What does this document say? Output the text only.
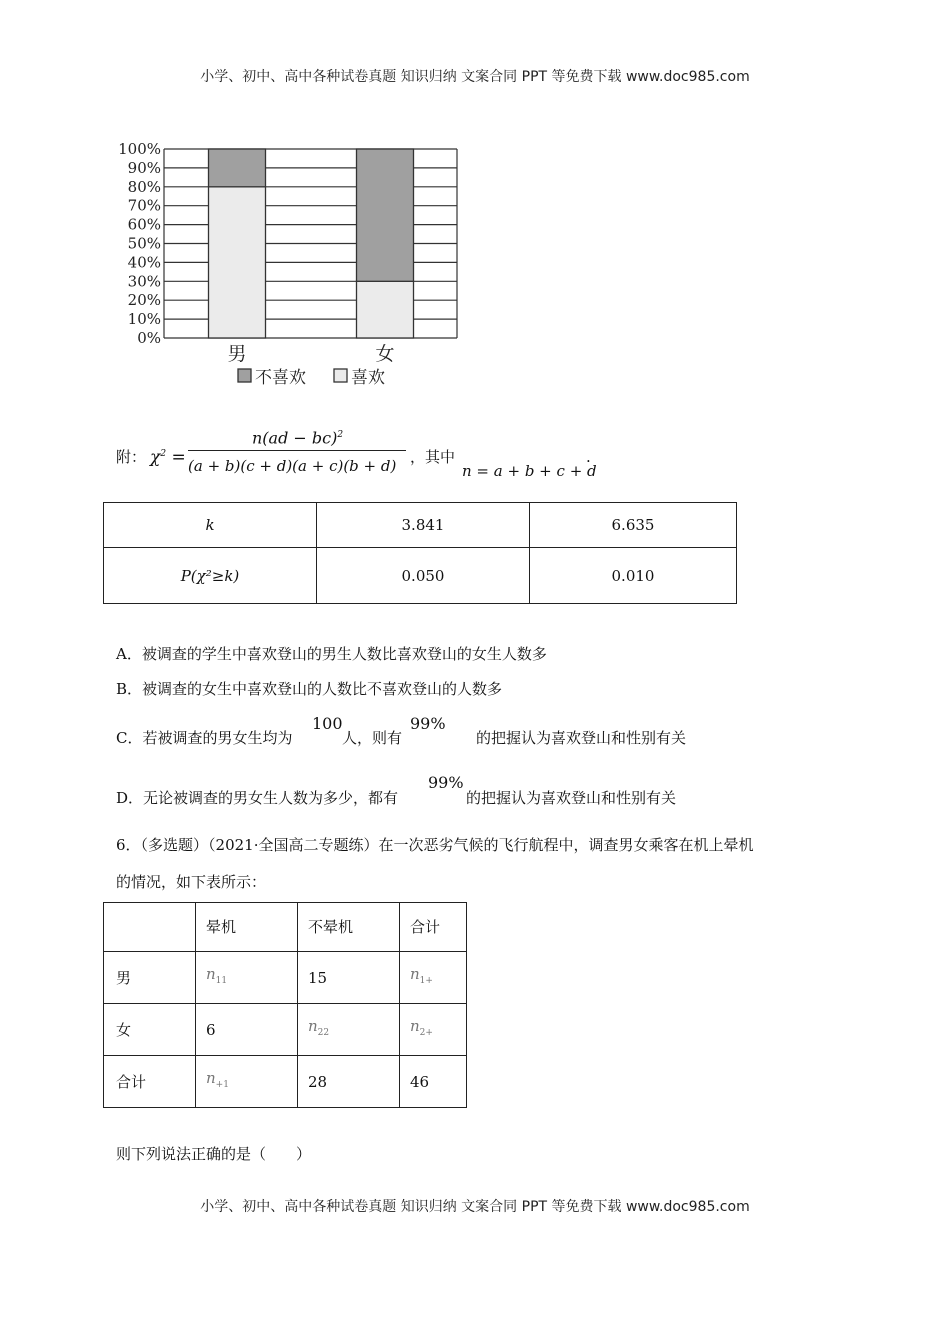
小学、初中、高中各种试卷真题 知识归纳 文案合同 PPT 等免费下载 www.doc985.com
100%
90%
80%
70%
60%
50%
40%
30%
20%
10%
0%
男	女
不喜欢	喜欢
附： $\chi^2$ =
n(ad − bc)$^2$
(a + b)(c + d)(a + c)(b + d) ，其中
n = a + b + c + d
.
k	3.841	6.635
P(χ²≥k)	0.050	0.010
A．被调查的学生中喜欢登山的男生人数比喜欢登山的女生人数多
B．被调查的女生中喜欢登山的人数比不喜欢登山的人数多
C．若被调查的男女生均为
100
人，则有
99%
的把握认为喜欢登山和性别有关
D．无论被调查的男女生人数为多少，都有
99%
的把握认为喜欢登山和性别有关
6．（多选题）（2021·全国高二专题练）在一次恶劣气候的飞行航程中，调查男女乘客在机上晕机
的情况，如下表所示：
	晕机	不晕机	合计
男	$n_{11}$	15	$n_{1+}$
女	6	$n_{22}$	$n_{2+}$
合计	$n_{+1}$	28	46
则下列说法正确的是（　　）
小学、初中、高中各种试卷真题 知识归纳 文案合同 PPT 等免费下载 www.doc985.com
